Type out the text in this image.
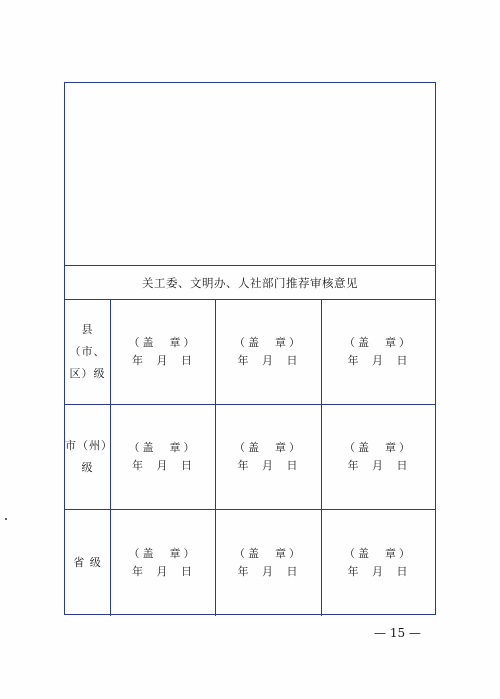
关工委、文明办、人社部门推荐审核意见
县（市、
区）级
（盖  章）
年 月 日
（盖  章）
年 月 日
（盖  章）
年 月 日
市（州）
级
（盖  章）
年 月 日
（盖  章）
年 月 日
（盖  章）
年 月 日
省 级
（盖  章）
年 月 日
（盖  章）
年 月 日
（盖  章）
年 月 日
— 15 —
